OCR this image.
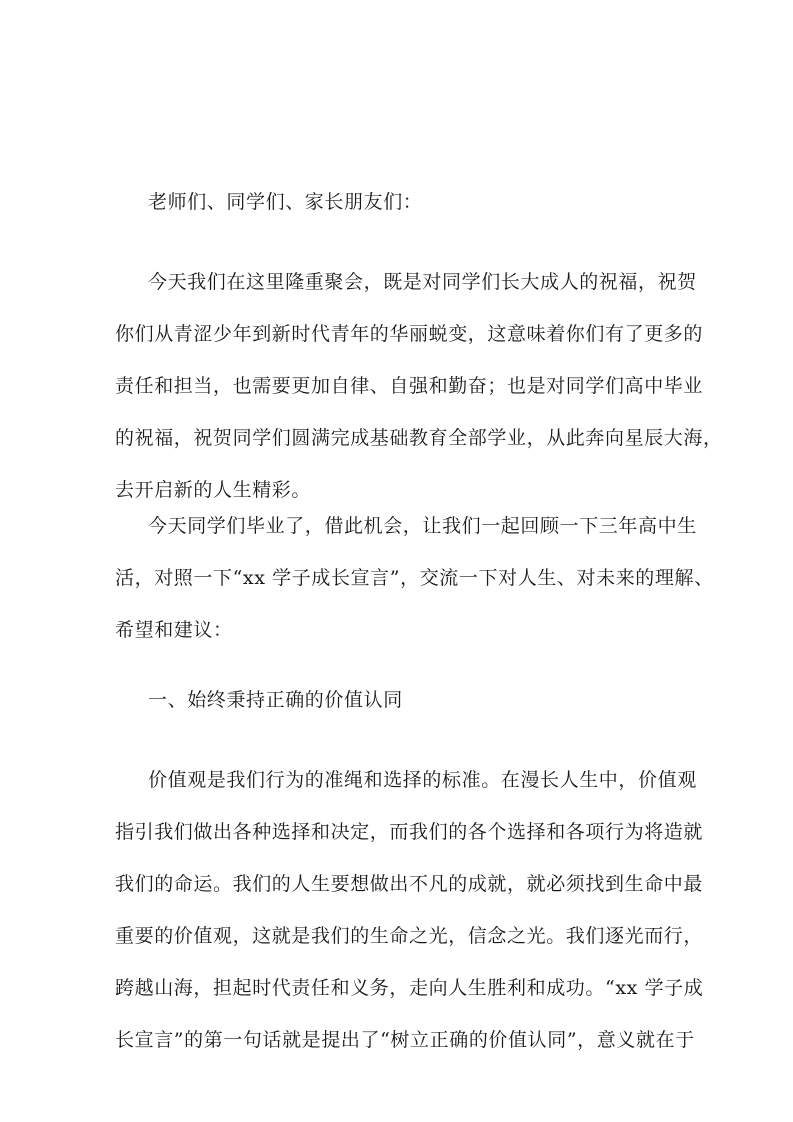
老师们、同学们、家长朋友们：
今天我们在这里隆重聚会，既是对同学们长大成人的祝福，祝贺
你们从青涩少年到新时代青年的华丽蜕变，这意味着你们有了更多的
责任和担当，也需要更加自律、自强和勤奋；也是对同学们高中毕业
的祝福，祝贺同学们圆满完成基础教育全部学业，从此奔向星辰大海，
去开启新的人生精彩。
今天同学们毕业了，借此机会，让我们一起回顾一下三年高中生
活，对照一下“xx 学子成长宣言”，交流一下对人生、对未来的理解、
希望和建议：
一、始终秉持正确的价值认同
价值观是我们行为的准绳和选择的标准。在漫长人生中，价值观
指引我们做出各种选择和决定，而我们的各个选择和各项行为将造就
我们的命运。我们的人生要想做出不凡的成就，就必须找到生命中最
重要的价值观，这就是我们的生命之光，信念之光。我们逐光而行，
跨越山海，担起时代责任和义务，走向人生胜利和成功。“xx 学子成
长宣言”的第一句话就是提出了“树立正确的价值认同”，意义就在于
